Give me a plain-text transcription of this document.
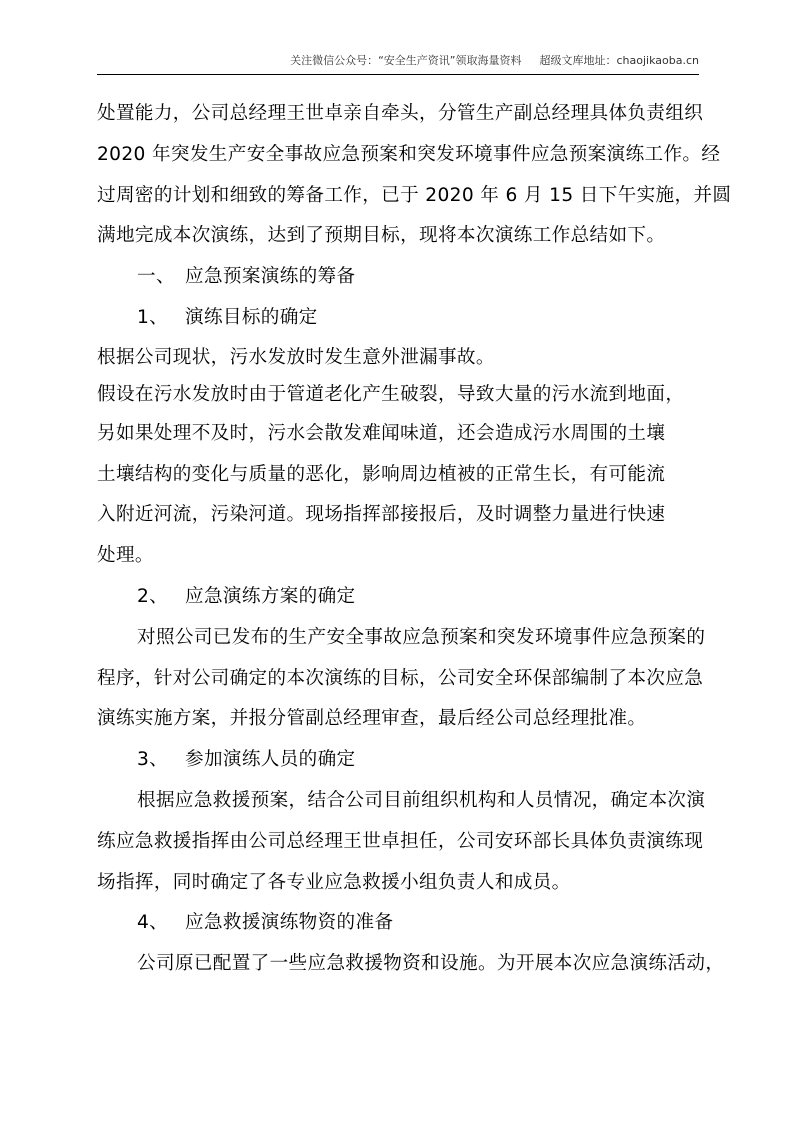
关注微信公众号：“安全生产资讯”领取海量资料 超级文库地址：chaojikaoba.cn

处置能力，公司总经理王世卓亲自牵头，分管生产副总经理具体负责组织

2020 年突发生产安全事故应急预案和突发环境事件应急预案演练工作。经

过周密的计划和细致的筹备工作，已于 2020 年 6 月 15 日下午实施，并圆

满地完成本次演练，达到了预期目标，现将本次演练工作总结如下。

一、 应急预案演练的筹备
1、 演练目标的确定

根据公司现状，污水发放时发生意外泄漏事故。

假设在污水发放时由于管道老化产生破裂，导致大量的污水流到地面，

另如果处理不及时，污水会散发难闻味道，还会造成污水周围的土壤

土壤结构的变化与质量的恶化，影响周边植被的正常生长，有可能流

入附近河流，污染河道。现场指挥部接报后，及时调整力量进行快速

处理。

2、 应急演练方案的确定

对照公司已发布的生产安全事故应急预案和突发环境事件应急预案的

程序，针对公司确定的本次演练的目标，公司安全环保部编制了本次应急

演练实施方案，并报分管副总经理审查，最后经公司总经理批准。

3、 参加演练人员的确定

根据应急救援预案，结合公司目前组织机构和人员情况，确定本次演

练应急救援指挥由公司总经理王世卓担任，公司安环部长具体负责演练现

场指挥，同时确定了各专业应急救援小组负责人和成员。

4、 应急救援演练物资的准备

公司原已配置了一些应急救援物资和设施。为开展本次应急演练活动，
